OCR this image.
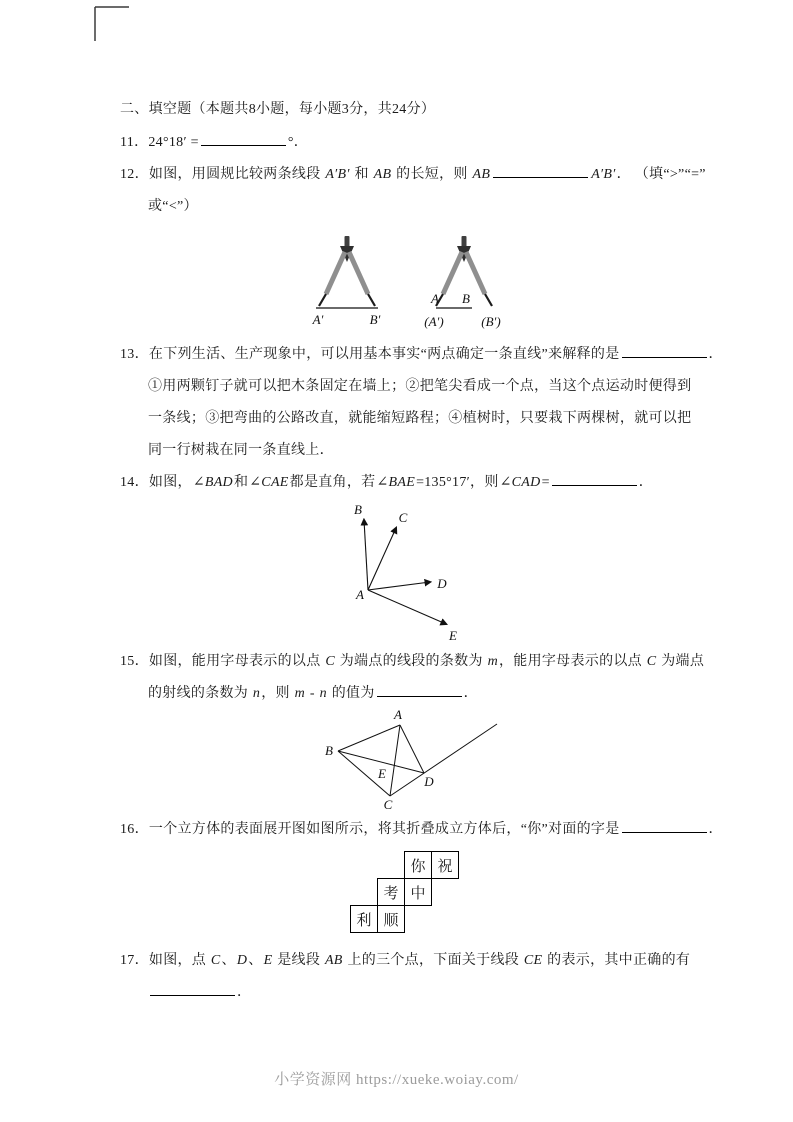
二、填空题（本题共8小题，每小题3分，共24分）
11．24°18′ =	°．
12．如图，用圆规比较两条线段 A′B′ 和 AB 的长短，则 AB	A′B′． （填“>”“=”
或“<”）
A′	B′
A B
(A′)	(B′)
13．在下列生活、生产现象中，可以用基本事实“两点确定一条直线”来解释的是	．
①用两颗钉子就可以把木条固定在墙上；②把笔尖看成一个点，当这个点运动时便得到
一条线；③把弯曲的公路改直，就能缩短路程；④植树时，只要栽下两棵树，就可以把
同一行树栽在同一条直线上．
14．如图，∠BAD和∠CAE都是直角，若∠BAE=135°17′，则∠CAD=	．
B
C
D
E
A
15．如图，能用字母表示的以点 C 为端点的线段的条数为 m，能用字母表示的以点 C 为端点
的射线的条数为 n，则 m - n 的值为	．
A
B
C
D
E
16．一个立方体的表面展开图如图所示，将其折叠成立方体后，“你”对面的字是	．
你 祝
考 中
利 顺
17．如图，点 C、D、E 是线段 AB 上的三个点，下面关于线段 CE 的表示，其中正确的有
．
小学资源网 https://xueke.woiay.com/
